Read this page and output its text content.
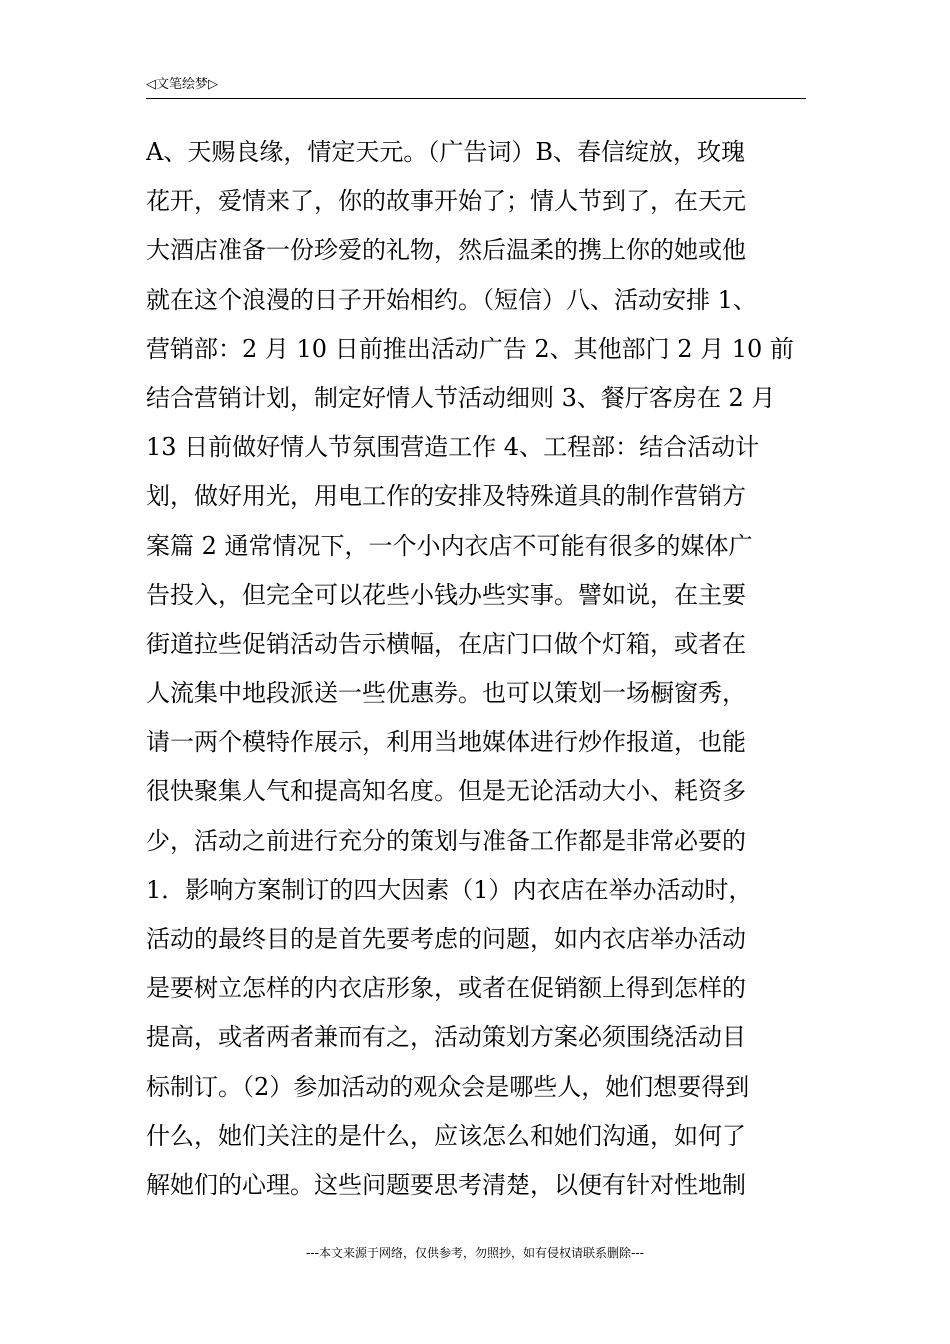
◁文笔绘梦▷
A、天赐良缘，情定天元。（广告词）B、春信绽放，玫瑰
花开，爱情来了，你的故事开始了；情人节到了，在天元
大酒店准备一份珍爱的礼物，然后温柔的携上你的她或他
就在这个浪漫的日子开始相约。（短信）八、活动安排 1、
营销部：2 月 10 日前推出活动广告 2、其他部门 2 月 10 前
结合营销计划，制定好情人节活动细则 3、餐厅客房在 2 月
13 日前做好情人节氛围营造工作 4、工程部：结合活动计
划，做好用光，用电工作的安排及特殊道具的制作营销方
案篇 2 通常情况下，一个小内衣店不可能有很多的媒体广
告投入，但完全可以花些小钱办些实事。譬如说，在主要
街道拉些促销活动告示横幅，在店门口做个灯箱，或者在
人流集中地段派送一些优惠券。也可以策划一场橱窗秀，
请一两个模特作展示，利用当地媒体进行炒作报道，也能
很快聚集人气和提高知名度。但是无论活动大小、耗资多
少，活动之前进行充分的策划与准备工作都是非常必要的
1．影响方案制订的四大因素（1）内衣店在举办活动时，
活动的最终目的是首先要考虑的问题，如内衣店举办活动
是要树立怎样的内衣店形象，或者在促销额上得到怎样的
提高，或者两者兼而有之，活动策划方案必须围绕活动目
标制订。（2）参加活动的观众会是哪些人，她们想要得到
什么，她们关注的是什么，应该怎么和她们沟通，如何了
解她们的心理。这些问题要思考清楚，以便有针对性地制
---本文来源于网络，仅供参考，勿照抄，如有侵权请联系删除---
